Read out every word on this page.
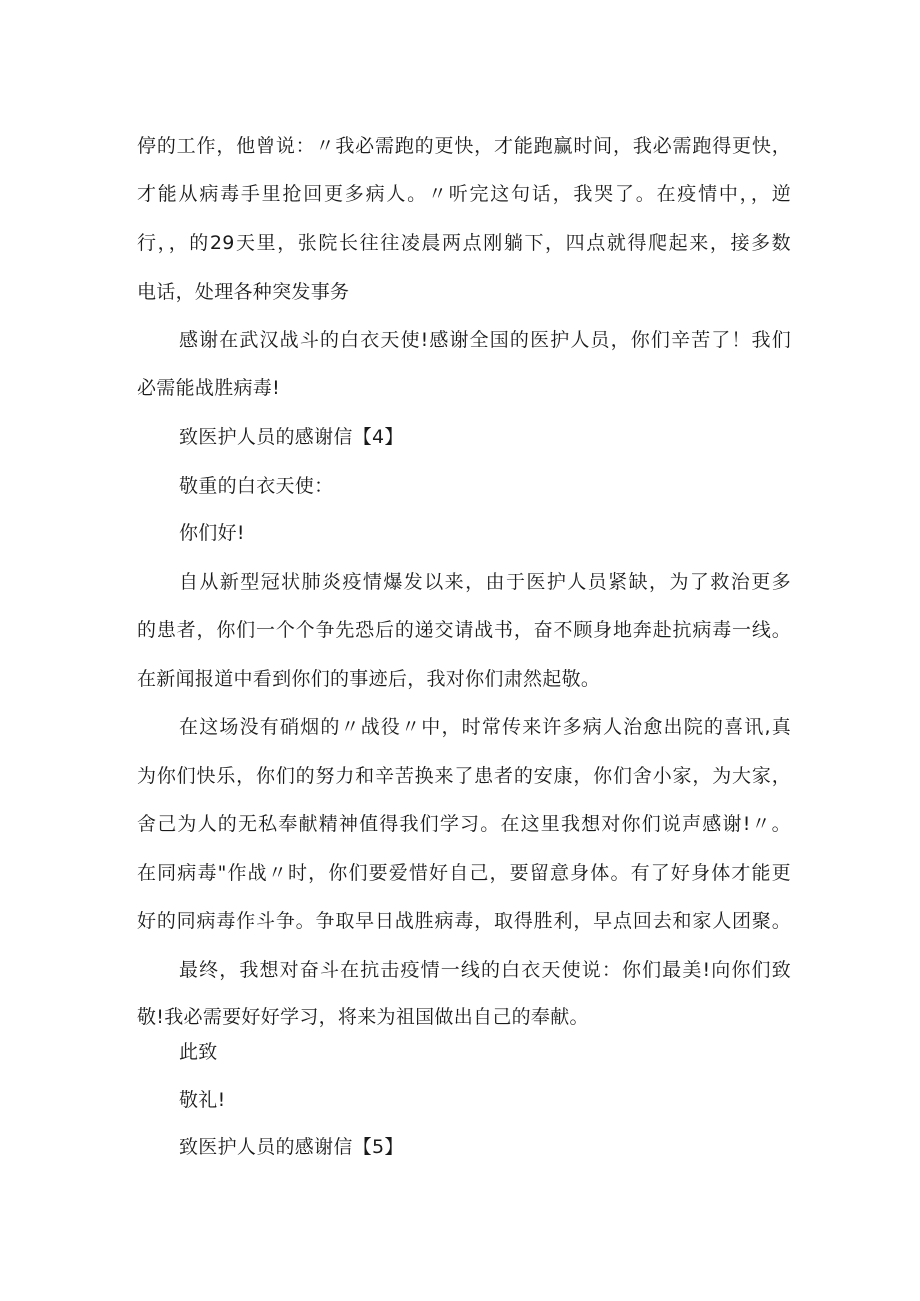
停的工作，他曾说：〃我必需跑的更快，才能跑赢时间，我必需跑得更快，
才能从病毒手里抢回更多病人。〃听完这句话，我哭了。在疫情中，，逆
行，，的29天里，张院长往往凌晨两点刚躺下，四点就得爬起来，接多数
电话，处理各种突发事务
感谢在武汉战斗的白衣天使!感谢全国的医护人员，你们辛苦了！我们
必需能战胜病毒!
致医护人员的感谢信【4】
敬重的白衣天使：
你们好!
自从新型冠状肺炎疫情爆发以来，由于医护人员紧缺，为了救治更多
的患者，你们一个个争先恐后的递交请战书，奋不顾身地奔赴抗病毒一线。
在新闻报道中看到你们的事迹后，我对你们肃然起敬。
在这场没有硝烟的〃战役〃中，时常传来许多病人治愈出院的喜讯,真
为你们快乐，你们的努力和辛苦换来了患者的安康，你们舍小家，为大家，
舍己为人的无私奉献精神值得我们学习。在这里我想对你们说声感谢!〃。
在同病毒"作战〃时，你们要爱惜好自己，要留意身体。有了好身体才能更
好的同病毒作斗争。争取早日战胜病毒，取得胜利，早点回去和家人团聚。
最终，我想对奋斗在抗击疫情一线的白衣天使说：你们最美!向你们致
敬!我必需要好好学习，将来为祖国做出自己的奉献。
此致
敬礼!
致医护人员的感谢信【5】
